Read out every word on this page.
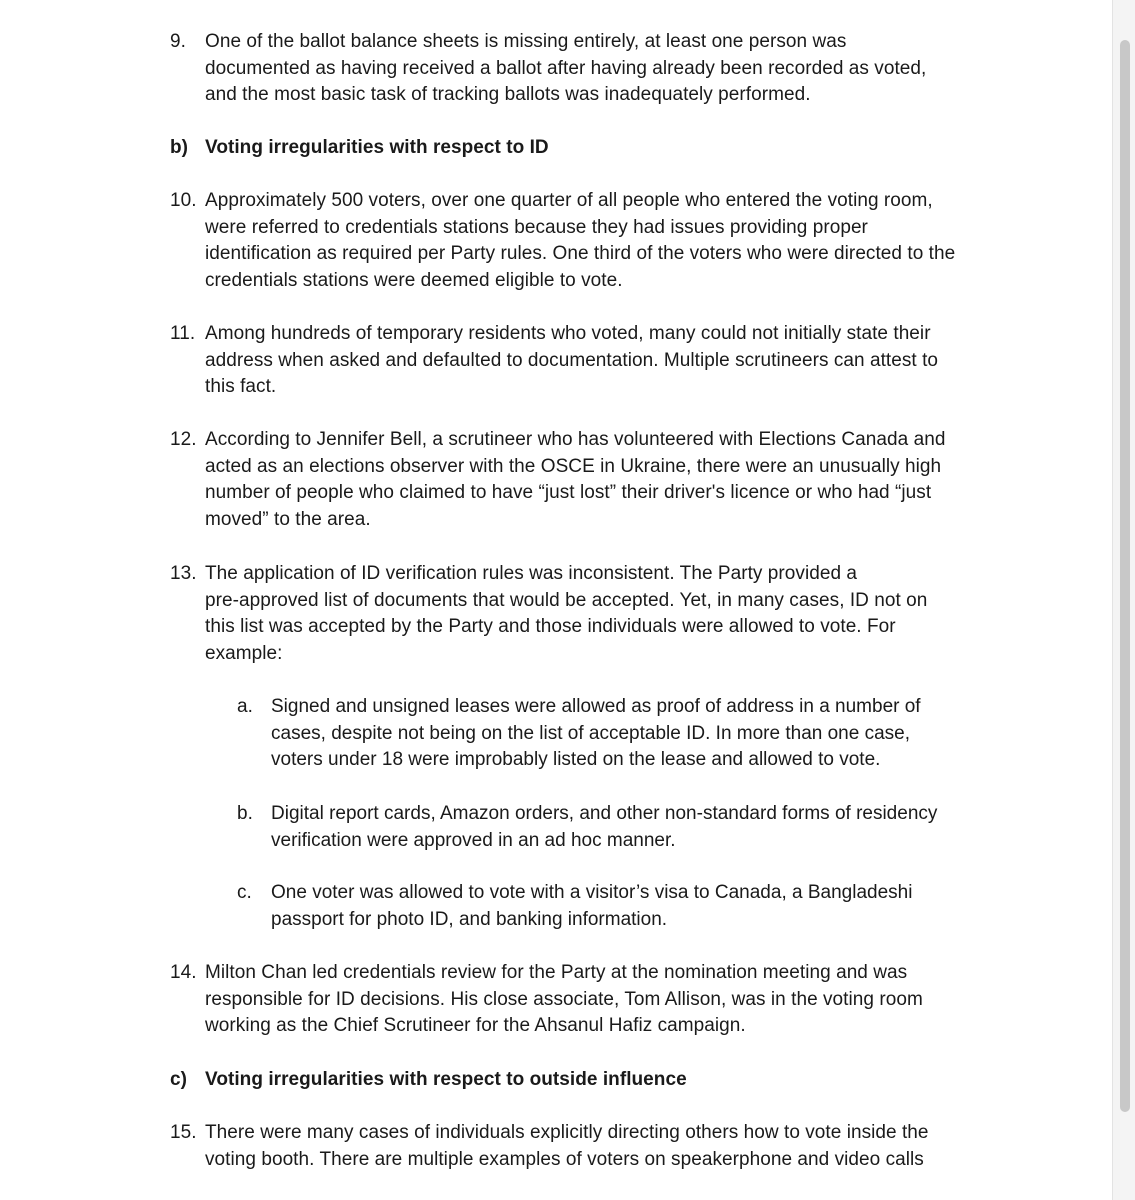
9. One of the ballot balance sheets is missing entirely, at least one person was
documented as having received a ballot after having already been recorded as voted,
and the most basic task of tracking ballots was inadequately performed.
b) Voting irregularities with respect to ID
10. Approximately 500 voters, over one quarter of all people who entered the voting room,
were referred to credentials stations because they had issues providing proper
identification as required per Party rules. One third of the voters who were directed to the
credentials stations were deemed eligible to vote.
11. Among hundreds of temporary residents who voted, many could not initially state their
address when asked and defaulted to documentation. Multiple scrutineers can attest to
this fact.
12. According to Jennifer Bell, a scrutineer who has volunteered with Elections Canada and
acted as an elections observer with the OSCE in Ukraine, there were an unusually high
number of people who claimed to have “just lost” their driver's licence or who had “just
moved” to the area.
13. The application of ID verification rules was inconsistent. The Party provided a
pre-approved list of documents that would be accepted. Yet, in many cases, ID not on
this list was accepted by the Party and those individuals were allowed to vote. For
example:
a. Signed and unsigned leases were allowed as proof of address in a number of
cases, despite not being on the list of acceptable ID. In more than one case,
voters under 18 were improbably listed on the lease and allowed to vote.
b. Digital report cards, Amazon orders, and other non-standard forms of residency
verification were approved in an ad hoc manner.
c. One voter was allowed to vote with a visitor’s visa to Canada, a Bangladeshi
passport for photo ID, and banking information.
14. Milton Chan led credentials review for the Party at the nomination meeting and was
responsible for ID decisions. His close associate, Tom Allison, was in the voting room
working as the Chief Scrutineer for the Ahsanul Hafiz campaign.
c) Voting irregularities with respect to outside influence
15. There were many cases of individuals explicitly directing others how to vote inside the
voting booth. There are multiple examples of voters on speakerphone and video calls
